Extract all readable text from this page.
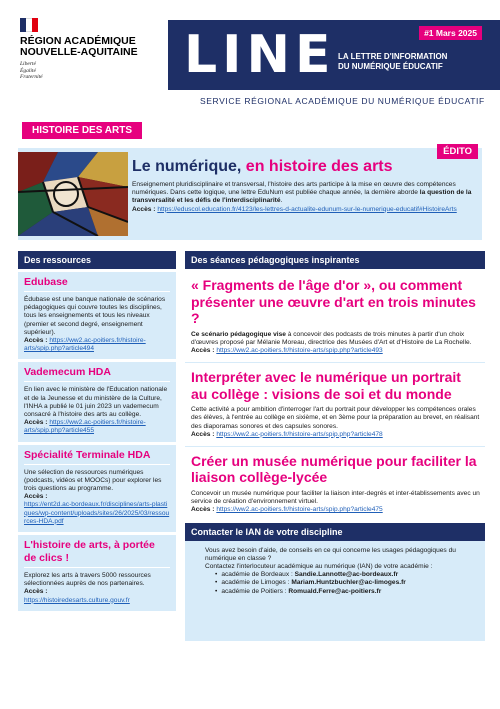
RÉGION ACADÉMIQUE
NOUVELLE-AQUITAINE
Liberté
Égalité
Fraternité	LINE	#1 Mars 2025
LA LETTRE D'INFORMATION
DU NUMÉRIQUE ÉDUCATIF
SERVICE RÉGIONAL ACADÉMIQUE DU NUMÉRIQUE ÉDUCATIF
HISTOIRE DES ARTS
ÉDITO
Le numérique, en histoire des arts
Enseignement pluridisciplinaire et transversal, l'histoire des arts participe à la mise en œuvre des compétences numériques. Dans cette logique, une lettre EduNum est publiée chaque année, la dernière aborde la question de la transversalité et les défis de l'interdisciplinarité.
Accès : https://eduscol.education.fr/4123/les-lettres-d-actualite-edunum-sur-le-numerique-educatif#HistoireArts
Des ressources
Edubase
Édubase est une banque nationale de scénarios pédagogiques qui couvre toutes les disciplines, tous les enseignements et tous les niveaux (premier et second degré, enseignement supérieur).
Accès : https://ww2.ac-poitiers.fr/histoire-arts/spip.php?article494
Vademecum HDA
En lien avec le ministère de l'Education nationale et de la Jeunesse et du ministère de la Culture, l'INHA a publié le 01 juin 2023 un vademecum consacré à l'histoire des arts au collège.
Accès : https://ww2.ac-poitiers.fr/histoire-arts/spip.php?article455
Spécialité Terminale HDA
Une sélection de ressources numériques (podcasts, vidéos et MOOCs) pour explorer les trois questions au programme.
Accès :
https://ent2d.ac-bordeaux.fr/disciplines/arts-plastiques/wp-content/uploads/sites/26/2025/03/ressources-HDA.pdf
L'histoire de arts, à portée de clics !
Explorez les arts à travers 5000 ressources sélectionnées auprès de nos partenaires.
Accès :
https://histoiredesarts.culture.gouv.fr
Des séances pédagogiques inspirantes
« Fragments de l'âge d'or », ou comment présenter une œuvre d'art en trois minutes ?
Ce scénario pédagogique vise à concevoir des podcasts de trois minutes à partir d'un choix d'œuvres proposé par Mélanie Moreau, directrice des Musées d'Art et d'Histoire de La Rochelle.
Accès : https://ww2.ac-poitiers.fr/histoire-arts/spip.php?article493
Interpréter avec le numérique un portrait au collège : visions de soi et du monde
Cette activité a pour ambition d'interroger l'art du portrait pour développer les compétences orales des élèves, à l'entrée au collège en sixième, et en 3ème pour la préparation au brevet, en réalisant des diaporamas sonores et des capsules sonores.
Accès : https://ww2.ac-poitiers.fr/histoire-arts/spip.php?article478
Créer un musée numérique pour faciliter la liaison collège-lycée
Concevoir un musée numérique pour faciliter la liaison inter-degrés et inter-établissements avec un service de création d'environnement virtuel.
Accès : https://ww2.ac-poitiers.fr/histoire-arts/spip.php?article475
Contacter le IAN de votre discipline
Vous avez besoin d'aide, de conseils en ce qui concerne les usages pédagogiques du numérique en classe ?
Contactez l'interlocuteur académique au numérique (IAN) de votre académie :
• académie de Bordeaux : Sandie.Lannotte@ac-bordeaux.fr
• académie de Limoges : Mariam.Huntzbuchler@ac-limoges.fr
• académie de Poitiers : Romuald.Ferre@ac-poitiers.fr
